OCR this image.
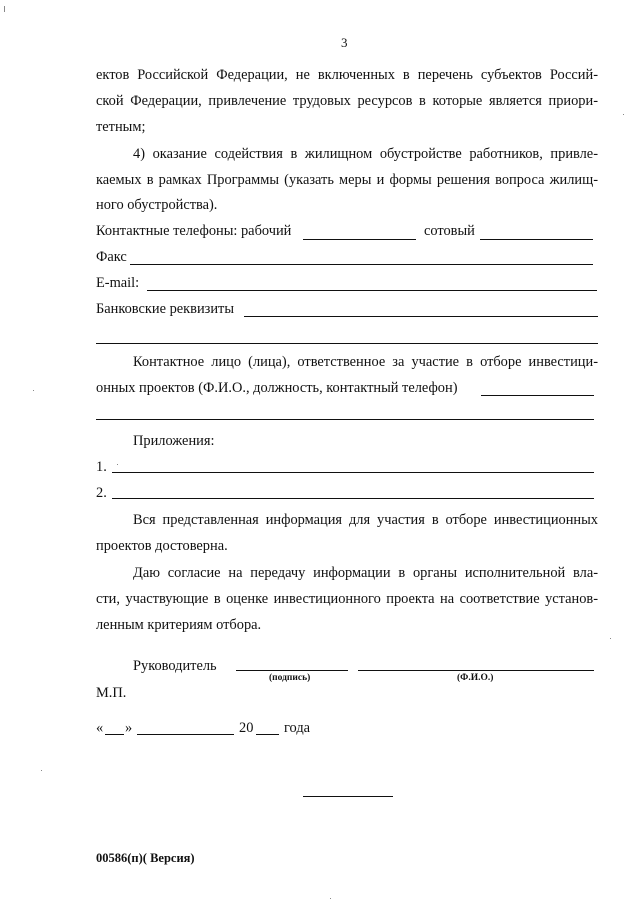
3
ектов Российской Федерации, не включенных в перечень субъектов Россий-
ской Федерации, привлечение трудовых ресурсов в которые является приори-
тетным;
4) оказание содействия в жилищном обустройстве работников, привле-
каемых в рамках Программы (указать меры и формы решения вопроса жилищ-
ного обустройства).
Контактные телефоны: рабочий	сотовый
Факс
E-mail:
Банковские реквизиты
Контактное лицо (лица), ответственное за участие в отборе инвестици-
онных проектов (Ф.И.О., должность, контактный телефон)
Приложения:
1.
2.
Вся представленная информация для участия в отборе инвестиционных
проектов достоверна.
Даю согласие на передачу информации в органы исполнительной вла-
сти, участвующие в оценке инвестиционного проекта на соответствие установ-
ленным критериям отбора.
Руководитель
(подпись)	(Ф.И.О.)
М.П.
« »	20 года
00586(п)( Версия)
